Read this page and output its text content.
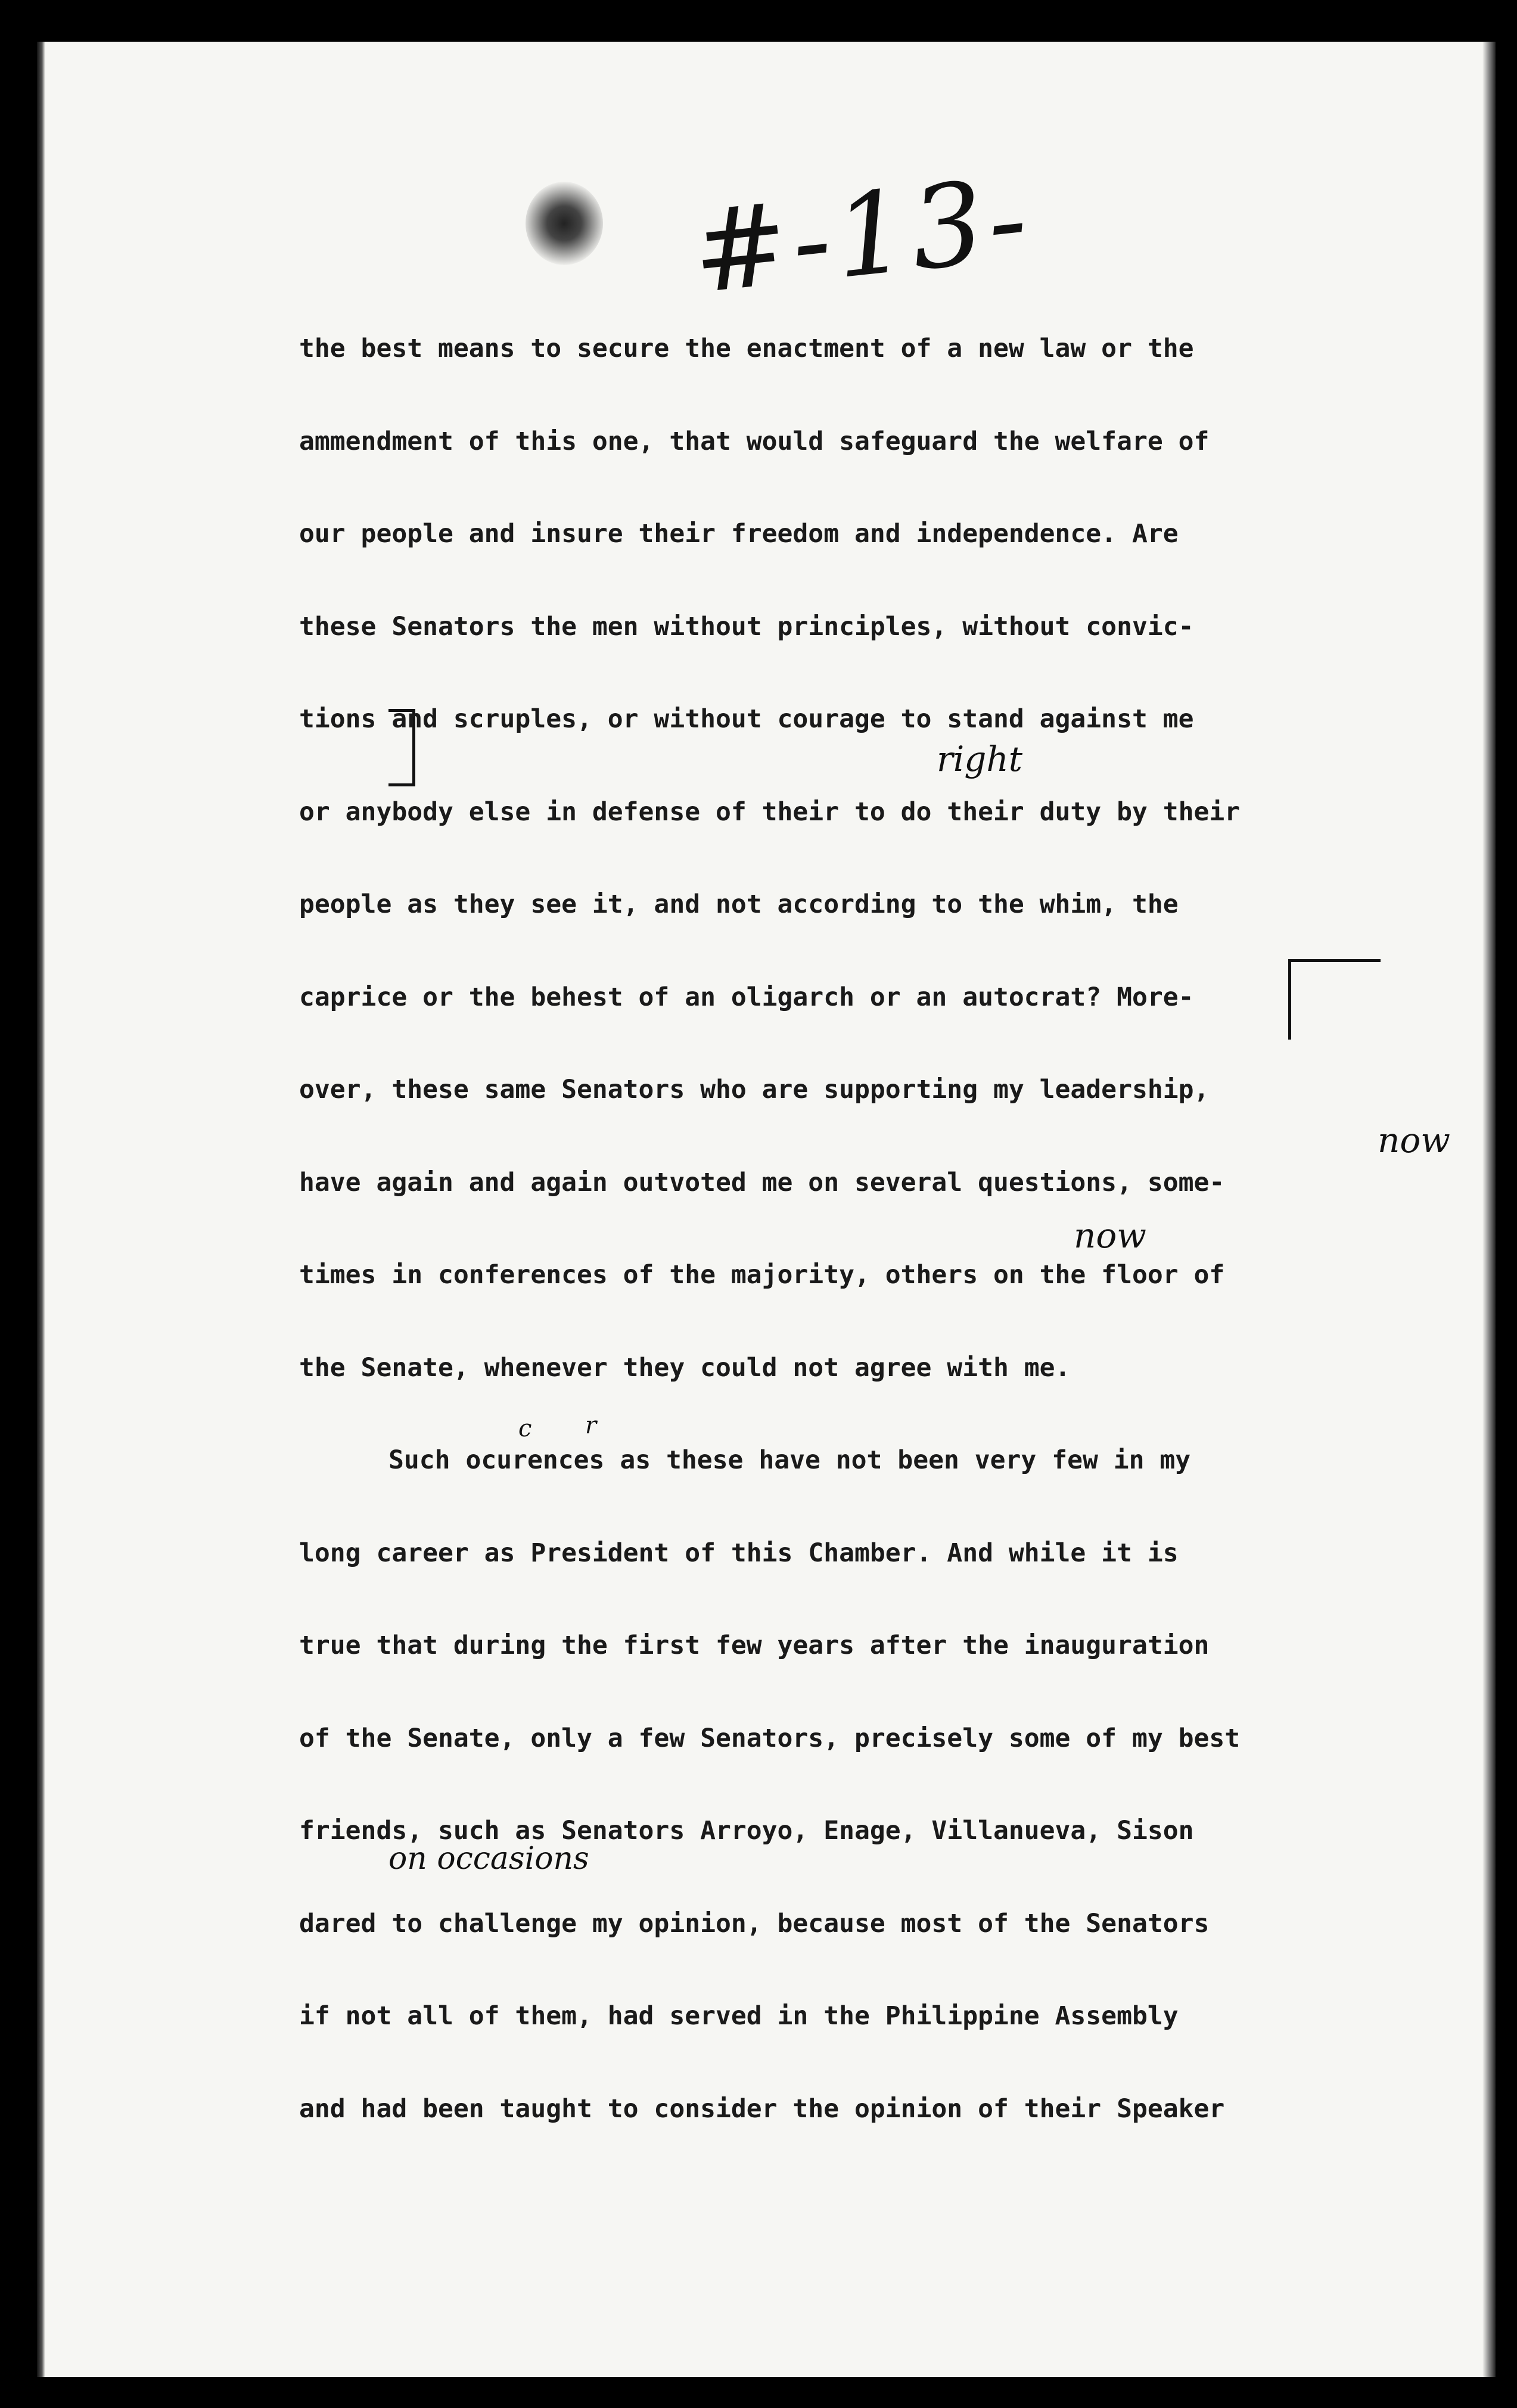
#-13-
right
now
now
on occasions
c r
the best means to secure the enactment of a new law or the
ammendment of this one, that would safeguard the welfare of
our people and insure their freedom and independence. Are
these Senators the men without principles, without convic-
tions and scruples, or without courage to stand against me
or anybody else in defense of their to do their duty by their
people as they see it, and not according to the whim, the
caprice or the behest of an oligarch or an autocrat? More-
over, these same Senators who are supporting my leadership,
have again and again outvoted me on several questions, some-
times in conferences of the majority, others on the floor of
the Senate, whenever they could not agree with me.
Such ocurences as these have not been very few in my
long career as President of this Chamber. And while it is
true that during the first few years after the inauguration
of the Senate, only a few Senators, precisely some of my best
friends, such as Senators Arroyo, Enage, Villanueva, Sison
dared to challenge my opinion, because most of the Senators
if not all of them, had served in the Philippine Assembly
and had been taught to consider the opinion of their Speaker
